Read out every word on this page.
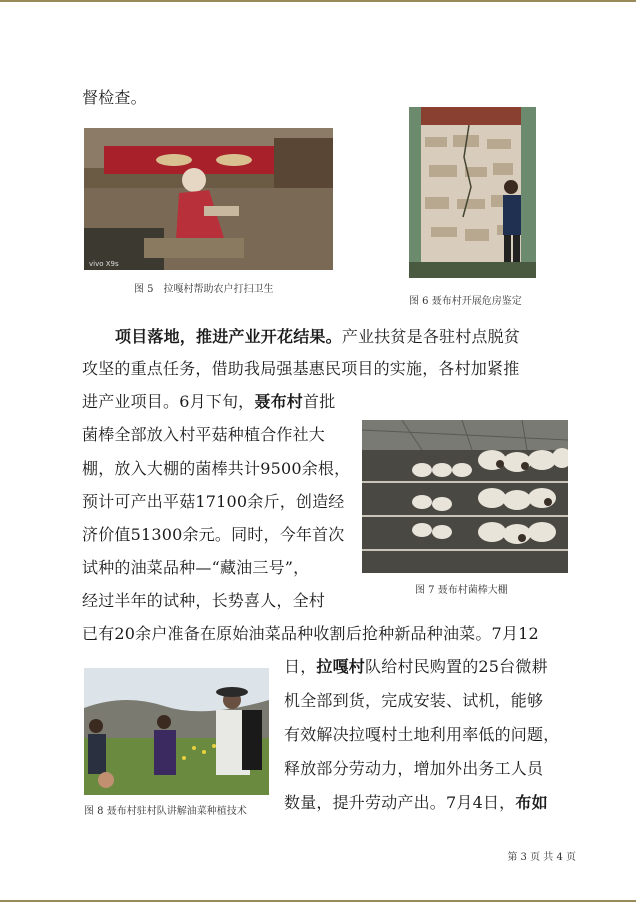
督检查。
vivo X9s
图 5　拉嘎村帮助农户打扫卫生
图 6 聂布村开展危房鉴定
项目落地，推进产业开花结果。产业扶贫是各驻村点脱贫
攻坚的重点任务，借助我局强基惠民项目的实施，各村加紧推
进产业项目。6月下旬，聂布村首批
菌棒全部放入村平菇种植合作社大
棚，放入大棚的菌棒共计9500余根，
预计可产出平菇17100余斤，创造经
济价值51300余元。同时，今年首次
试种的油菜品种—“藏油三号”，
经过半年的试种，长势喜人，全村
图 7 聂布村菌棒大棚
已有20余户准备在原始油菜品种收割后抢种新品种油菜。7月12
图 8 聂布村驻村队讲解油菜种植技术
日，拉嘎村队给村民购置的25台微耕
机全部到货，完成安装、试机，能够
有效解决拉嘎村土地利用率低的问题，
释放部分劳动力，增加外出务工人员
数量，提升劳动产出。7月4日，布如
第 3 页 共 4 页
